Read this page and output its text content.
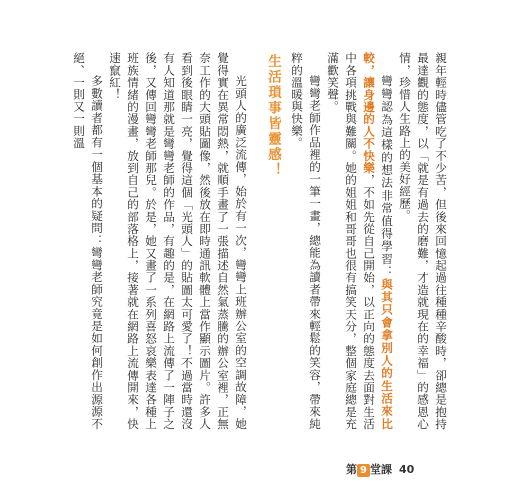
親年輕時儘管吃了不少苦，但後來回憶起過往種種辛酸時，卻總是抱持最達觀的態度，以「就是有過去的磨難，才造就現在的幸福」的感恩心情，珍惜人生路上的美好經歷。

彎彎認為這樣的想法非常值得學習：與其只會拿別人的生活來比較，讓身邊的人不快樂，不如先從自己開始，以正向的態度去面對生活中各項挑戰與難關。她的姐姐和哥哥也很有搞笑天分，整個家庭總是充滿歡笑聲。

彎彎老師作品裡的一筆一畫，總能為讀者帶來輕鬆的笑容，帶來純粹的溫暖與快樂。

生活瑣事皆靈感！

光頭人的廣泛流傳，始於有一次，彎彎上班辦公室的空調故障，她覺得實在異常悶熱，就順手畫了一張描述自然氣蒸騰的辦公室裡，正無奈工作的大頭貼圖像，然後放在即時通訊軟體上當作顯示圖片。許多人看到後眼睛一亮，覺得這個「光頭人」的貼圖太可愛了！不過當時還沒有人知道那就是彎彎老師的作品，有趣的是，在網路上流傳了一陣子之後，又傳回彎彎老師那兒。於是，她又畫了一系列喜怒哀樂表達各種上班族情緒的漫畫，放到自己的部落格上，接著就在網路上流傳開來，快速竄紅！

多數讀者都有一個基本的疑問：彎彎老師究竟是如何創作出源源不絕、一則又一則溫

第 9 堂課 40
